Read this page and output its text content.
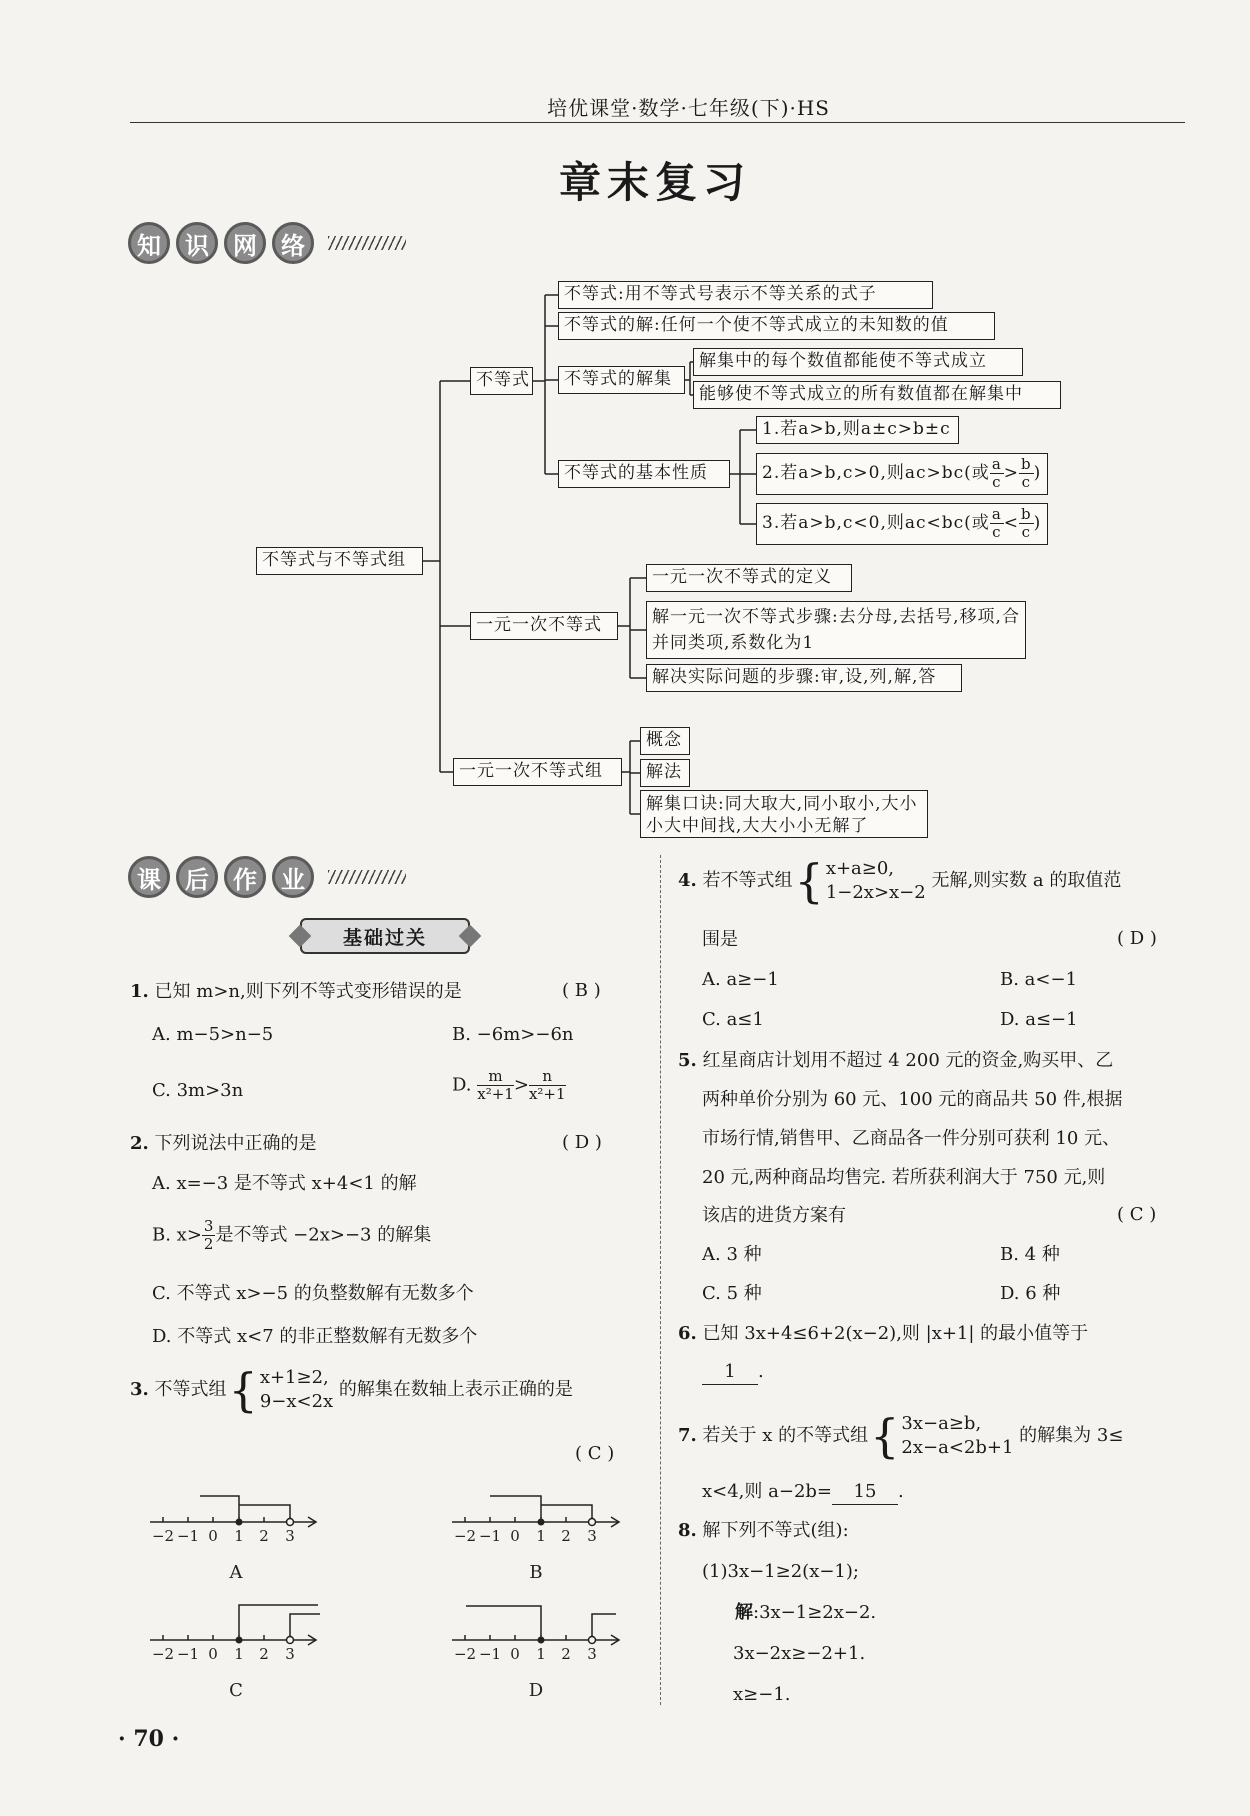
培优课堂·数学·七年级(下)·HS
章末复习
知	识	网	络
不等式与不等式组
不等式
不等式:用不等式号表示不等关系的式子
不等式的解:任何一个使不等式成立的未知数的值
不等式的解集
解集中的每个数值都能使不等式成立
能够使不等式成立的所有数值都在解集中
不等式的基本性质
1.若a>b,则a±c>b±c
2.若a>b,c>0,则ac>bc(或 $\frac{a}{c} > \frac{b}{c}$ )
3.若a>b,c<0,则ac<bc(或 $\frac{a}{c} < \frac{b}{c}$ )
一元一次不等式
一元一次不等式的定义
解一元一次不等式步骤:去分母,去括号,移项,合并同类项,系数化为1
解决实际问题的步骤:审,设,列,解,答
一元一次不等式组
概念
解法
解集口诀:同大取大,同小取小,大小小大中间找,大大小小无解了
课	后	作	业
基础过关
1. 已知 m>n,则下列不等式变形错误的是	( B )
A. m−5>n−5	B. −6m>−6n
C. 3m>3n	D. $\frac{m}{\text{x²+1}} > \frac{n}{\text{x²+1}}$
2. 下列说法中正确的是	( D )
A. x=−3 是不等式 x+4<1 的解
B. $x> \frac{3}{2}$ 是不等式 −2x>−3 的解集
C. 不等式 x>−5 的负整数解有无数多个
D. 不等式 x<7 的非正整数解有无数多个
3. 不等式组{ x+1≥2,
9−x<2x 的解集在数轴上表示正确的是
( C )
−2 −1 0 1 2 3	−2 −1 0 1 2 3
−2 −1 0 1 2 3	−2 −1 0 1 2 3
A	B
C	D
4. 若不等式组{ x+a≥0,
1−2x>x−2 无解,则实数 a 的取值范
围是	( D )
A. a≥−1	B. a<−1
C. a≤1	D. a≤−1
5. 红星商店计划用不超过 4 200 元的资金,购买甲、乙
两种单价分别为 60 元、100 元的商品共 50 件,根据
市场行情,销售甲、乙商品各一件分别可获利 10 元、
20 元,两种商品均售完. 若所获利润大于 750 元,则
该店的进货方案有	( C )
A. 3 种	B. 4 种
C. 5 种	D. 6 种
6. 已知 3x+4≤6+2(x−2),则 |x+1| 的最小值等于
1 .
7. 若关于 x 的不等式组{ 3x−a≥b,
2x−a<2b+1 的解集为 3≤
x<4,则 a−2b= 15 .
8. 解下列不等式(组):
(1)3x−1≥2(x−1);
解:3x−1≥2x−2.
3x−2x≥−2+1.
x≥−1.
· 70 ·
